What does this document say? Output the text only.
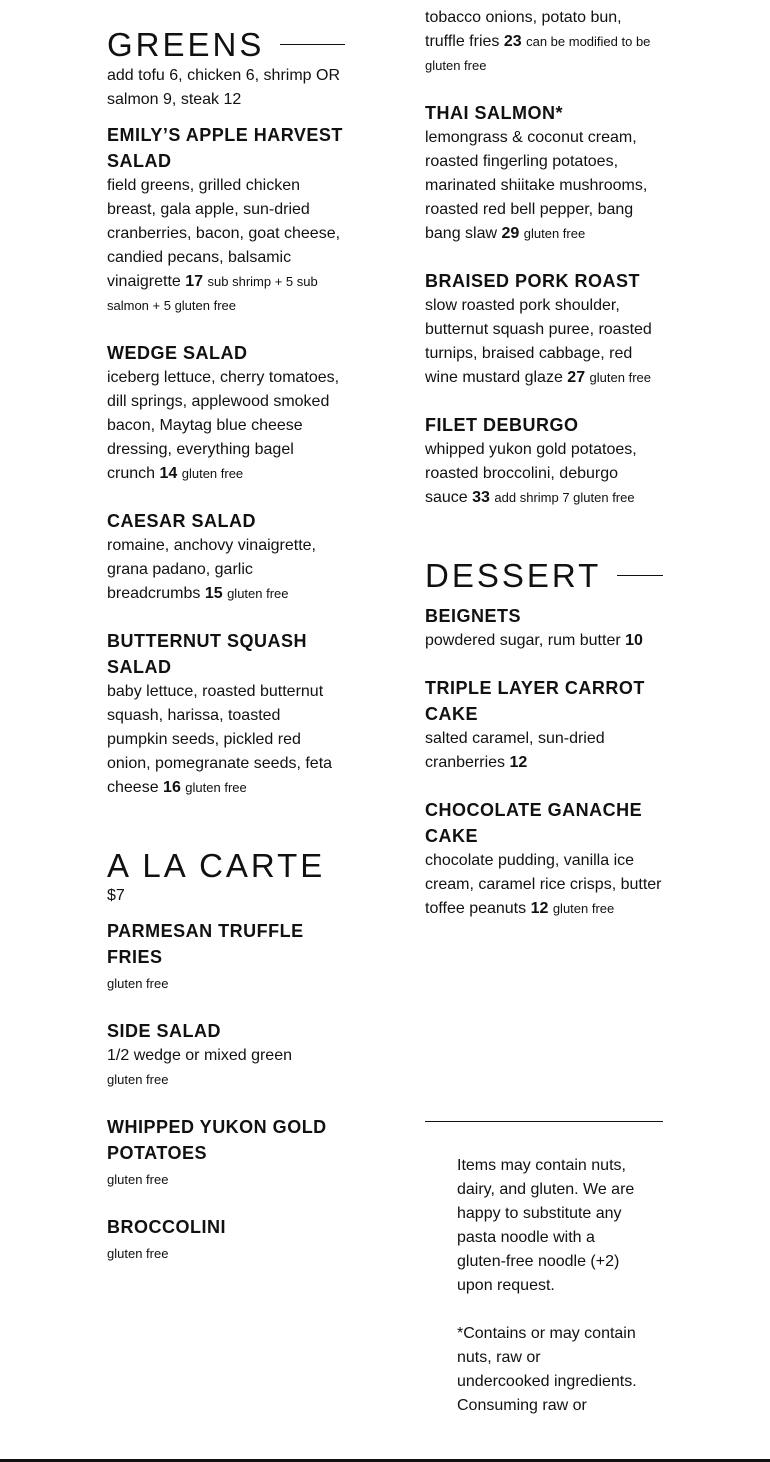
GREENS
add tofu 6, chicken 6, shrimp OR salmon 9, steak 12
EMILY’S APPLE HARVEST SALAD
field greens, grilled chicken breast, gala apple, sun-dried cranberries, bacon, goat cheese, candied pecans, balsamic vinaigrette 17 sub shrimp + 5 sub salmon + 5 gluten free
WEDGE SALAD
iceberg lettuce, cherry tomatoes, dill springs, applewood smoked bacon, Maytag blue cheese dressing, everything bagel crunch 14 gluten free
CAESAR SALAD
romaine, anchovy vinaigrette, grana padano, garlic breadcrumbs 15 gluten free
BUTTERNUT SQUASH SALAD
baby lettuce, roasted butternut squash, harissa, toasted pumpkin seeds, pickled red onion, pomegranate seeds, feta cheese 16 gluten free
A LA CARTE
$7
PARMESAN TRUFFLE FRIES
gluten free
SIDE SALAD
1/2 wedge or mixed green
gluten free
WHIPPED YUKON GOLD POTATOES
gluten free
BROCCOLINI
gluten free
tobacco onions, potato bun, truffle fries 23 can be modified to be gluten free
THAI SALMON*
lemongrass & coconut cream, roasted fingerling potatoes, marinated shiitake mushrooms, roasted red bell pepper, bang bang slaw 29 gluten free
BRAISED PORK ROAST
slow roasted pork shoulder, butternut squash puree, roasted turnips, braised cabbage, red wine mustard glaze 27 gluten free
FILET DEBURGO
whipped yukon gold potatoes, roasted broccolini, deburgo sauce 33 add shrimp 7 gluten free
DESSERT
BEIGNETS
powdered sugar, rum butter 10
TRIPLE LAYER CARROT CAKE
salted caramel, sun-dried cranberries 12
CHOCOLATE GANACHE CAKE
chocolate pudding, vanilla ice cream, caramel rice crisps, butter toffee peanuts 12 gluten free

Items may contain nuts, dairy, and gluten. We are happy to substitute any pasta noodle with a gluten-free noodle (+2) upon request.

*Contains or may contain nuts, raw or undercooked ingredients. Consuming raw or
